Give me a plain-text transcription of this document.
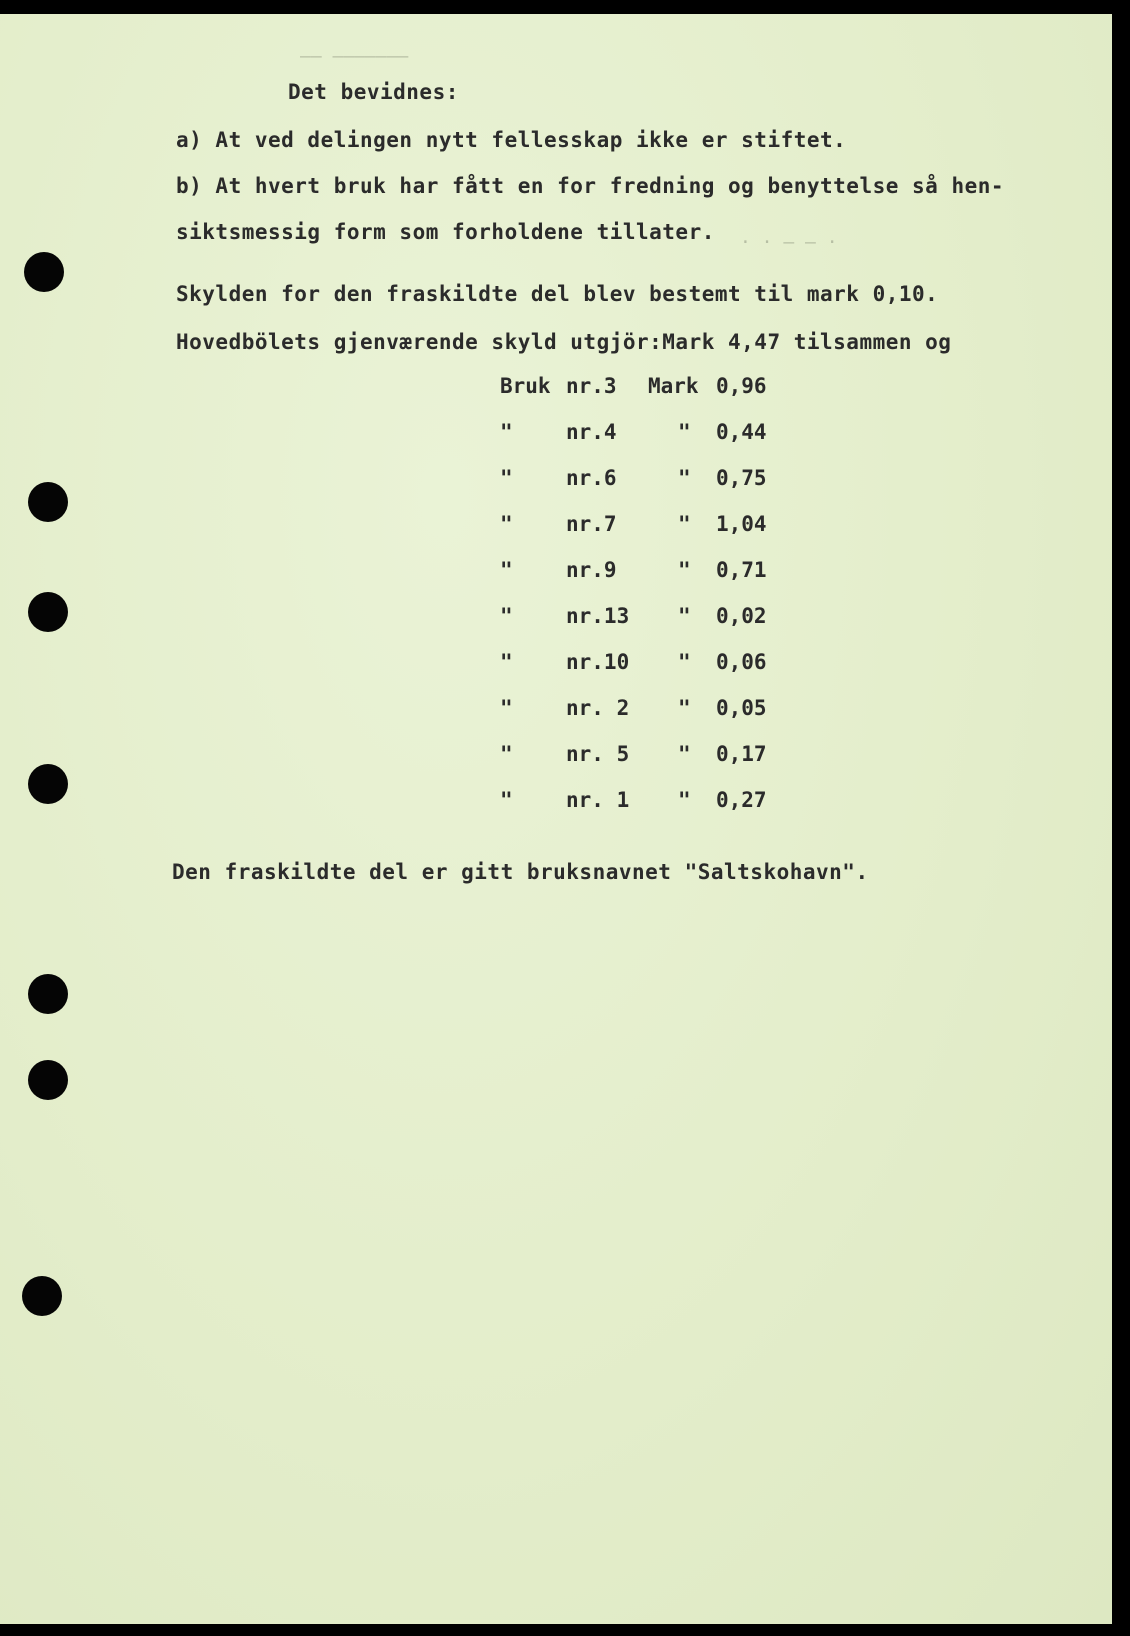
—— ———————
· · — — ·

Det bevidnes:

a) At ved delingen nytt fellesskap ikke er stiftet.

b) At hvert bruk har fått en for fredning og benyttelse så hen-

siktsmessig form som forholdene tillater.

Skylden for den fraskildte del blev bestemt til mark 0,10.

Hovedbölets gjenværende skyld utgjör:Mark 4,47 tilsammen og

Bruk nr.3 Mark 0,96
"	nr.4	" 0,44
"	nr.6	" 0,75
"	nr.7	" 1,04
"	nr.9	" 0,71
"	nr.13 " 0,02
"	nr.10 " 0,06
"	nr. 2 " 0,05
"	nr. 5 " 0,17
"	nr. 1 " 0,27

Den fraskildte del er gitt bruksnavnet "Saltskohavn".
